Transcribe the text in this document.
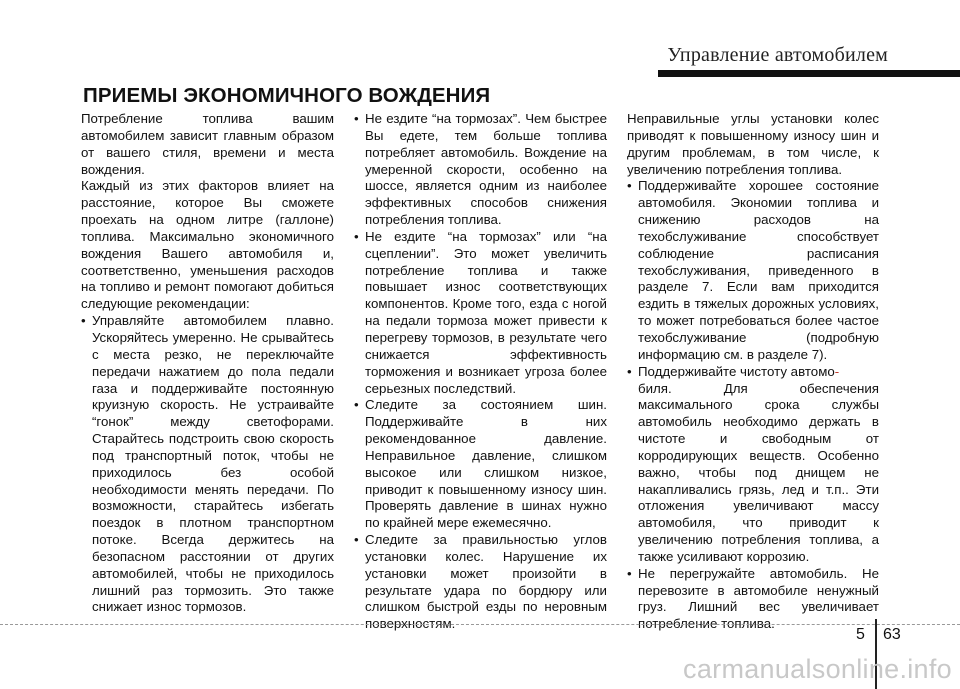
Управление автомобилем
ПРИЕМЫ ЭКОНОМИЧНОГО ВОЖДЕНИЯ

Потребление топлива вашим автомобилем зависит главным образом от вашего стиля, времени и места вождения.

Каждый из этих факторов влияет на расстояние, которое Вы сможете проехать на одном литре (галлоне) топлива. Максимально экономичного вождения Вашего автомобиля и, соответственно, уменьшения расходов на топливо и ремонт помогают добиться следующие рекомендации:

• Управляйте автомобилем плавно. Ускоряйтесь умеренно. Не срывайтесь с места резко, не переключайте передачи нажатием до пола педали газа и поддерживайте постоянную круизную скорость. Не устраивайте “гонок” между светофорами. Старайтесь подстроить свою скорость под транспортный поток, чтобы не приходилось без особой необходимости менять передачи. По возможности, старайтесь избегать поездок в плотном транспортном потоке. Всегда держитесь на безопасном расстоянии от других автомобилей, чтобы не приходилось лишний раз тормозить. Это также снижает износ тормозов.
• Не ездите “на тормозах”. Чем быстрее Вы едете, тем больше топлива потребляет автомобиль. Вождение на умеренной скорости, особенно на шоссе, является одним из наиболее эффективных способов снижения потребления топлива.
• Не ездите “на тормозах” или “на сцеплении”. Это может увеличить потребление топлива и также повышает износ соответствующих компонентов. Кроме того, езда с ногой на педали тормоза может привести к перегреву тормозов, в результате чего снижается эффективность торможения и возникает угроза более серьезных последствий.
• Следите за состоянием шин. Поддерживайте в них рекомендованное давление. Неправильное давление, слишком высокое или слишком низкое, приводит к повышенному износу шин. Проверять давление в шинах нужно по крайней мере ежемесячно.
• Следите за правильностью углов установки колес. Нарушение их установки может произойти в результате удара по бордюру или слишком быстрой езды по неровным поверхностям.

Неправильные углы установки колес приводят к повышенному износу шин и другим проблемам, в том числе, к увеличению потребления топлива.

• Поддерживайте хорошее состояние автомобиля. Экономии топлива и снижению расходов на техобслуживание способствует соблюдение расписания техобслуживания, приведенного в разделе 7. Если вам приходится ездить в тяжелых дорожных условиях, то может потребоваться более частое техобслуживание (подробную информацию см. в разделе 7).
• Поддерживайте чистоту автомо-
биля. Для обеспечения максимального срока службы автомобиль необходимо держать в чистоте и свободным от корродирующих веществ. Особенно важно, чтобы под днищем не накапливались грязь, лед и т.п.. Эти отложения увеличивают массу автомобиля, что приводит к увеличению потребления топлива, а также усиливают коррозию.
• Не перегружайте автомобиль. Не перевозите в автомобиле ненужный груз. Лишний вес увеличивает потребление топлива.
5 63
carmanualsonline.info
